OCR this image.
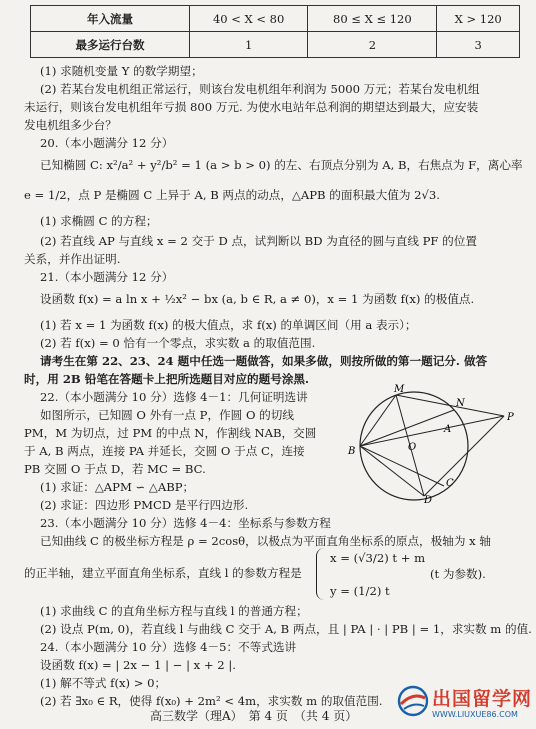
年入流量	40 < X < 80	80 ≤ X ≤ 120	X > 120
最多运行台数	1	2	3
(1) 求随机变量 Y 的数学期望；
(2) 若某台发电机组正常运行，则该台发电机组年利润为 5000 万元；若某台发电机组
未运行，则该台发电机组年亏损 800 万元. 为使水电站年总利润的期望达到最大，应安装
发电机组多少台？
20.（本小题满分 12 分）
已知椭圆 C: x²/a² + y²/b² = 1 (a > b > 0) 的左、右顶点分别为 A, B，右焦点为 F，离心率
e = 1/2，点 P 是椭圆 C 上异于 A, B 两点的动点，△APB 的面积最大值为 2√3.
(1) 求椭圆 C 的方程；
(2) 若直线 AP 与直线 x = 2 交于 D 点，试判断以 BD 为直径的圆与直线 PF 的位置
关系，并作出证明.
21.（本小题满分 12 分）
设函数 f(x) = a ln x + ½x² − bx (a, b ∈ R, a ≠ 0)，x = 1 为函数 f(x) 的极值点.
(1) 若 x = 1 为函数 f(x) 的极大值点，求 f(x) 的单调区间（用 a 表示）；
(2) 若 f(x) = 0 恰有一个零点，求实数 a 的取值范围.
请考生在第 22、23、24 题中任选一题做答，如果多做，则按所做的第一题记分. 做答
时，用 2B 铅笔在答题卡上把所选题目对应的题号涂黑.
22.（本小题满分 10 分）选修 4－1：几何证明选讲
如图所示，已知圆 O 外有一点 P，作圆 O 的切线
PM，M 为切点，过 PM 的中点 N，作割线 NAB，交圆
于 A, B 两点，连接 PA 并延长，交圆 O 于点 C，连接
PB 交圆 O 于点 D，若 MC = BC.
(1) 求证：△APM ∽ △ABP；
(2) 求证：四边形 PMCD 是平行四边形.
23.（本小题满分 10 分）选修 4－4：坐标系与参数方程
已知曲线 C 的极坐标方程是 ρ = 2cosθ，以极点为平面直角坐标系的原点，极轴为 x 轴
的正半轴，建立平面直角坐标系，直线 l 的参数方程是
x = (√3/2) t + m
y = (1/2) t
(t 为参数).
(1) 求曲线 C 的直角坐标方程与直线 l 的普通方程；
(2) 设点 P(m, 0)，若直线 l 与曲线 C 交于 A, B 两点，且 | PA | · | PB | = 1，求实数 m 的值.
24.（本小题满分 10 分）选修 4－5：不等式选讲
设函数 f(x) = | 2x − 1 | − | x + 2 |.
(1) 解不等式 f(x) > 0；
(2) 若 ∃x₀ ∈ R，使得 f(x₀) + 2m² < 4m，求实数 m 的取值范围.
M
N
A
P
O
C
D
B
高三数学（理A）　第 4 页　（共 4 页）
出国留学网
WWW.LIUXUE86.COM
